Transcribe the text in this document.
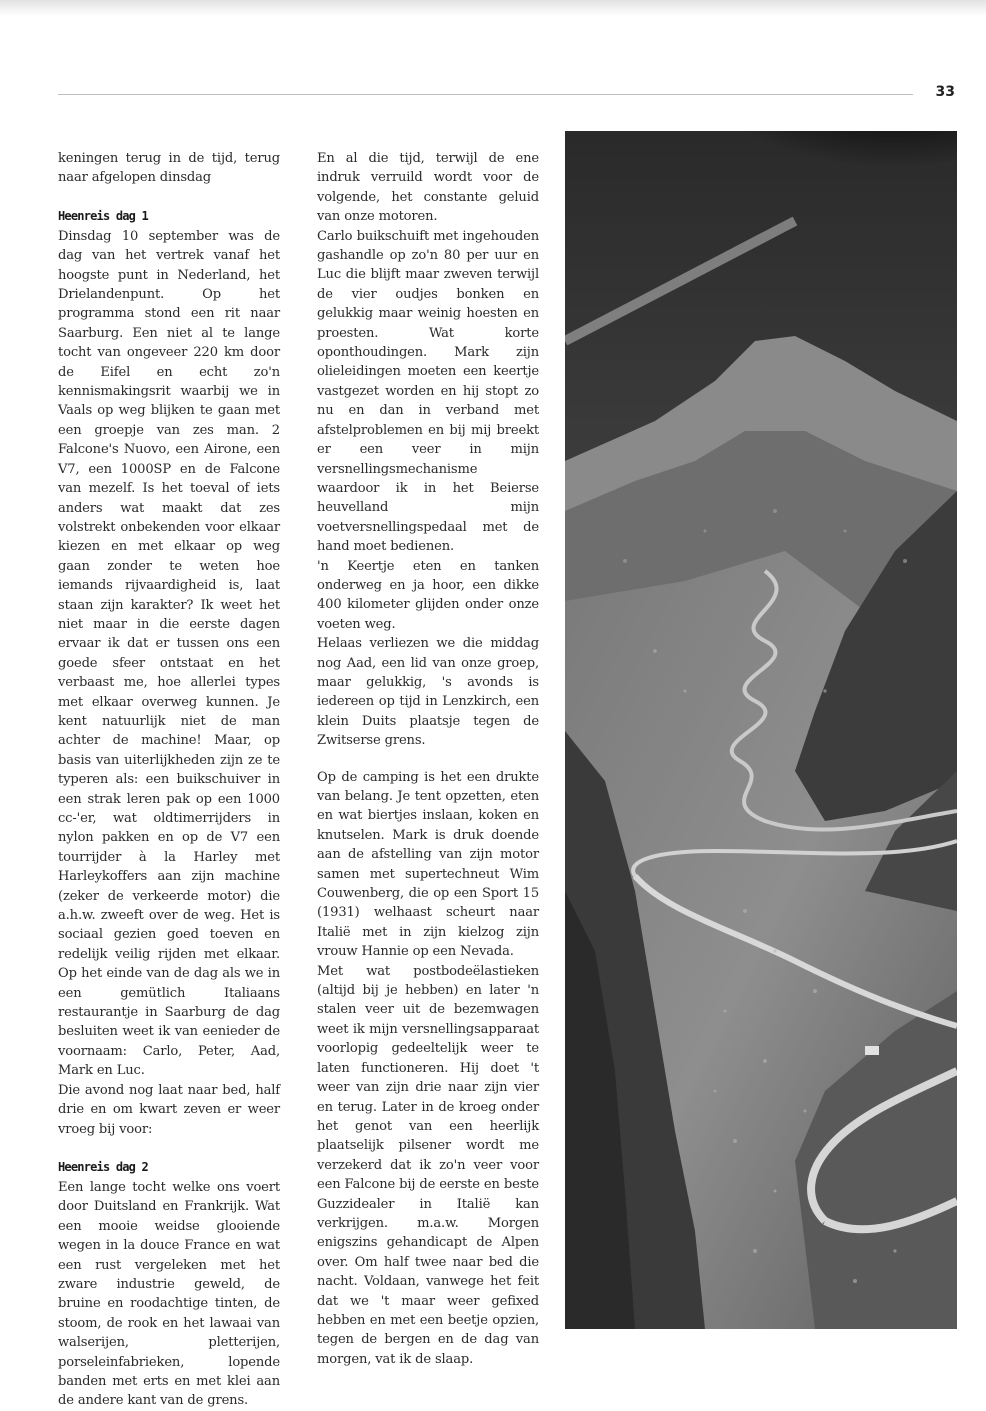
33

keningen terug in de tijd, terug naar afgelopen dinsdag

Heenreis dag 1

Dinsdag 10 september was de dag van het vertrek vanaf het hoogste punt in Nederland, het Drielandenpunt. Op het programma stond een rit naar Saarburg. Een niet al te lange tocht van ongeveer 220 km door de Eifel en echt zo'n kennismakingsrit waarbij we in Vaals op weg blijken te gaan met een groepje van zes man. 2 Falcone's Nuovo, een Airone, een V7, een 1000SP en de Falcone van mezelf. Is het toeval of iets anders wat maakt dat zes volstrekt onbekenden voor elkaar kiezen en met elkaar op weg gaan zonder te weten hoe iemands rijvaardigheid is, laat staan zijn karakter? Ik weet het niet maar in die eerste dagen ervaar ik dat er tussen ons een goede sfeer ontstaat en het verbaast me, hoe allerlei types met elkaar overweg kunnen. Je kent natuurlijk niet de man achter de machine! Maar, op basis van uiterlijkheden zijn ze te typeren als: een buikschuiver in een strak leren pak op een 1000 cc-'er, wat oldtimerrijders in nylon pakken en op de V7 een tourrijder à la Harley met Harleykoffers aan zijn machine (zeker de verkeerde motor) die a.h.w. zweeft over de weg. Het is sociaal gezien goed toeven en redelijk veilig rijden met elkaar. Op het einde van de dag als we in een gemütlich Italiaans restaurantje in Saarburg de dag besluiten weet ik van eenieder de voornaam: Carlo, Peter, Aad, Mark en Luc.

Die avond nog laat naar bed, half drie en om kwart zeven er weer vroeg bij voor:

Heenreis dag 2

Een lange tocht welke ons voert door Duitsland en Frankrijk. Wat een mooie weidse glooiende wegen in la douce France en wat een rust vergeleken met het zware industrie geweld, de bruine en roodachtige tinten, de stoom, de rook en het lawaai van walserijen, pletterijen, porseleinfabrieken, lopende banden met erts en met klei aan de andere kant van de grens.

En al die tijd, terwijl de ene indruk verruild wordt voor de volgende, het constante geluid van onze motoren.

Carlo buikschuift met ingehouden gashandle op zo'n 80 per uur en Luc die blijft maar zweven terwijl de vier oudjes bonken en gelukkig maar weinig hoesten en proesten. Wat korte oponthoudingen. Mark zijn olieleidingen moeten een keertje vastgezet worden en hij stopt zo nu en dan in verband met afstelproblemen en bij mij breekt er een veer in mijn versnellingsmechanisme waardoor ik in het Beierse heuvelland mijn voetversnellingspedaal met de hand moet bedienen.

'n Keertje eten en tanken onderweg en ja hoor, een dikke 400 kilometer glijden onder onze voeten weg.

Helaas verliezen we die middag nog Aad, een lid van onze groep, maar gelukkig, 's avonds is iedereen op tijd in Lenzkirch, een klein Duits plaatsje tegen de Zwitserse grens.

Op de camping is het een drukte van belang. Je tent opzetten, eten en wat biertjes inslaan, koken en knutselen. Mark is druk doende aan de afstelling van zijn motor samen met supertechneut Wim Couwenberg, die op een Sport 15 (1931) welhaast scheurt naar Italië met in zijn kielzog zijn vrouw Hannie op een Nevada.

Met wat postbodeëlastieken (altijd bij je hebben) en later 'n stalen veer uit de bezemwagen weet ik mijn versnellingsapparaat voorlopig gedeeltelijk weer te laten functioneren. Hij doet 't weer van zijn drie naar zijn vier en terug. Later in de kroeg onder het genot van een heerlijk plaatselijk pilsener wordt me verzekerd dat ik zo'n veer voor een Falcone bij de eerste en beste Guzzidealer in Italië kan verkrijgen. m.a.w. Morgen enigszins gehandicapt de Alpen over. Om half twee naar bed die nacht. Voldaan, vanwege het feit dat we 't maar weer gefixed hebben en met een beetje opzien, tegen de bergen en de dag van morgen, vat ik de slaap.
